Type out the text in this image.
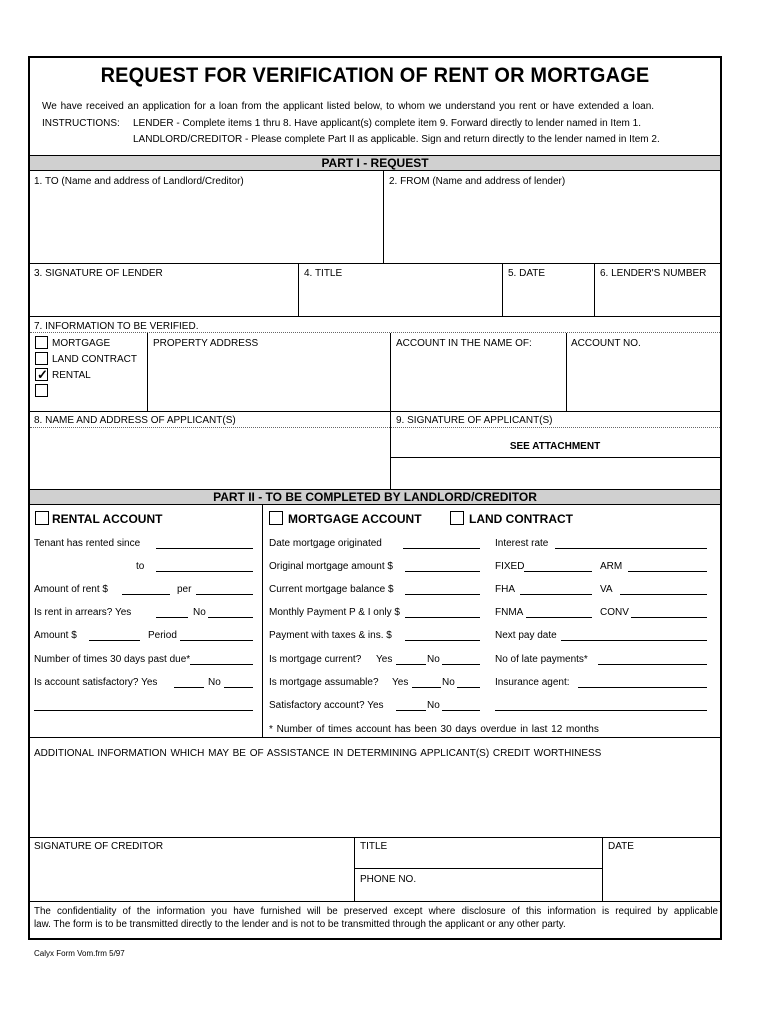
REQUEST FOR VERIFICATION OF RENT OR MORTGAGE
We have received an application for a loan from the applicant listed below, to whom we understand you rent or have extended a loan.
INSTRUCTIONS: LENDER - Complete items 1 thru 8. Have applicant(s) complete item 9. Forward directly to lender named in Item 1.
LANDLORD/CREDITOR - Please complete Part II as applicable. Sign and return directly to the lender named in Item 2.
PART I - REQUEST
1. TO (Name and address of Landlord/Creditor)	2. FROM (Name and address of lender)
3. SIGNATURE OF LENDER	4. TITLE	5. DATE	6. LENDER'S NUMBER
7. INFORMATION TO BE VERIFIED.
MORTGAGE
LAND CONTRACT
✓ RENTAL
PROPERTY ADDRESS	ACCOUNT IN THE NAME OF:	ACCOUNT NO.
8. NAME AND ADDRESS OF APPLICANT(S)	9. SIGNATURE OF APPLICANT(S)
SEE ATTACHMENT
PART II - TO BE COMPLETED BY LANDLORD/CREDITOR
RENTAL ACCOUNT	MORTGAGE ACCOUNT	LAND CONTRACT
Tenant has rented since
to
Amount of rent $	per
Is rent in arrears? Yes	No
Amount $	Period
Number of times 30 days past due*
Is account satisfactory? Yes	No
Date mortgage originated
Original mortgage amount $
Current mortgage balance $
Monthly Payment P & I only $
Payment with taxes & ins. $
Is mortgage current? Yes	No
Is mortgage assumable? Yes	No
Satisfactory account? Yes	No
Interest rate
FIXED	ARM
FHA	VA
FNMA	CONV
Next pay date
No of late payments*
Insurance agent:
* Number of times account has been 30 days overdue in last 12 months
ADDITIONAL INFORMATION WHICH MAY BE OF ASSISTANCE IN DETERMINING APPLICANT(S) CREDIT WORTHINESS
SIGNATURE OF CREDITOR	TITLE	DATE
PHONE NO.
The confidentiality of the information you have furnished will be preserved except where disclosure of this information is required by applicable
law. The form is to be transmitted directly to the lender and is not to be transmitted through the applicant or any other party.
Calyx Form Vom.frm 5/97
